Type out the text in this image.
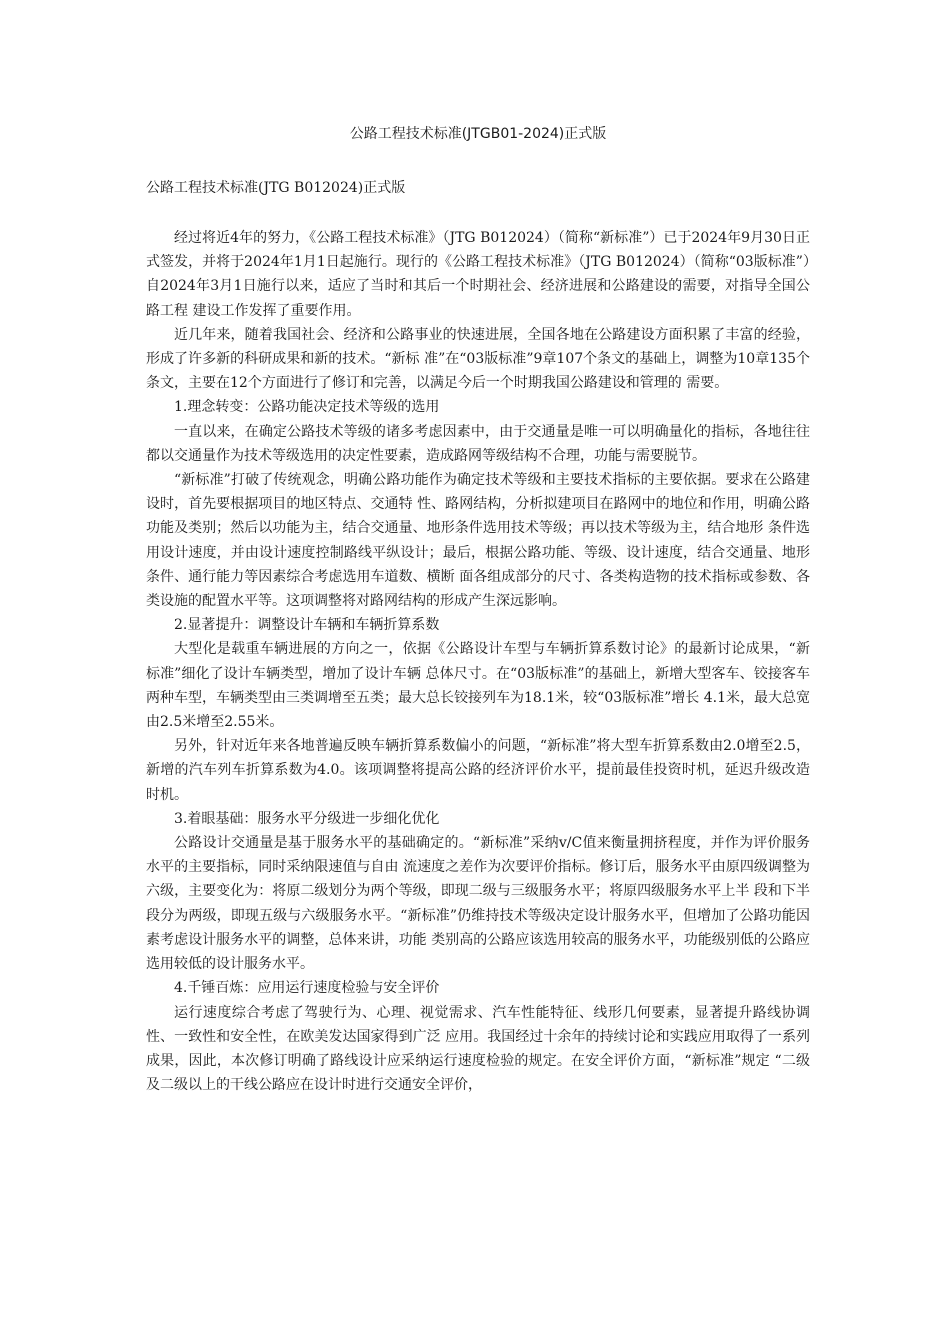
公路工程技术标准(JTGB01-2024)正式版

公路工程技术标准(JTG B012024)正式版

经过将近4年的努力，《公路工程技术标准》（JTG B012024）（简称“新标准”）已于2024年9月30日正式签发，并将于2024年1月1日起施行。现行的《公路工程技术标准》（JTG B012024）（简称“03版标准”）自2024年3月1日施行以来，适应了当时和其后一个时期社会、经济进展和公路建设的需要，对指导全国公路工程 建设工作发挥了重要作用。

近几年来，随着我国社会、经济和公路事业的快速进展，全国各地在公路建设方面积累了丰富的经验，形成了许多新的科研成果和新的技术。“新标 准”在“03版标准”9章107个条文的基础上，调整为10章135个条文，主要在12个方面进行了修订和完善，以满足今后一个时期我国公路建设和管理的 需要。

1.理念转变：公路功能决定技术等级的选用

一直以来，在确定公路技术等级的诸多考虑因素中，由于交通量是唯一可以明确量化的指标，各地往往都以交通量作为技术等级选用的决定性要素，造成路网等级结构不合理，功能与需要脱节。

“新标准”打破了传统观念，明确公路功能作为确定技术等级和主要技术指标的主要依据。要求在公路建设时，首先要根据项目的地区特点、交通特 性、路网结构，分析拟建项目在路网中的地位和作用，明确公路功能及类别；然后以功能为主，结合交通量、地形条件选用技术等级；再以技术等级为主，结合地形 条件选用设计速度，并由设计速度控制路线平纵设计；最后，根据公路功能、等级、设计速度，结合交通量、地形条件、通行能力等因素综合考虑选用车道数、横断 面各组成部分的尺寸、各类构造物的技术指标或参数、各类设施的配置水平等。这项调整将对路网结构的形成产生深远影响。

2.显著提升：调整设计车辆和车辆折算系数

大型化是载重车辆进展的方向之一，依据《公路设计车型与车辆折算系数讨论》的最新讨论成果，“新标准”细化了设计车辆类型，增加了设计车辆 总体尺寸。在“03版标准”的基础上，新增大型客车、铰接客车两种车型，车辆类型由三类调增至五类；最大总长铰接列车为18.1米，较“03版标准”增长 4.1米，最大总宽由2.5米增至2.55米。

另外，针对近年来各地普遍反映车辆折算系数偏小的问题，“新标准”将大型车折算系数由2.0增至2.5，新增的汽车列车折算系数为4.0。该项调整将提高公路的经济评价水平，提前最佳投资时机，延迟升级改造时机。

3.着眼基础：服务水平分级进一步细化优化

公路设计交通量是基于服务水平的基础确定的。“新标准”采纳v/C值来衡量拥挤程度，并作为评价服务水平的主要指标，同时采纳限速值与自由 流速度之差作为次要评价指标。修订后，服务水平由原四级调整为六级，主要变化为：将原二级划分为两个等级，即现二级与三级服务水平；将原四级服务水平上半 段和下半段分为两级，即现五级与六级服务水平。“新标准”仍维持技术等级决定设计服务水平，但增加了公路功能因素考虑设计服务水平的调整，总体来讲，功能 类别高的公路应该选用较高的服务水平，功能级别低的公路应选用较低的设计服务水平。

4.千锤百炼：应用运行速度检验与安全评价

运行速度综合考虑了驾驶行为、心理、视觉需求、汽车性能特征、线形几何要素，显著提升路线协调性、一致性和安全性，在欧美发达国家得到广泛 应用。我国经过十余年的持续讨论和实践应用取得了一系列成果，因此，本次修订明确了路线设计应采纳运行速度检验的规定。在安全评价方面，“新标准”规定 “二级及二级以上的干线公路应在设计时进行交通安全评价，
